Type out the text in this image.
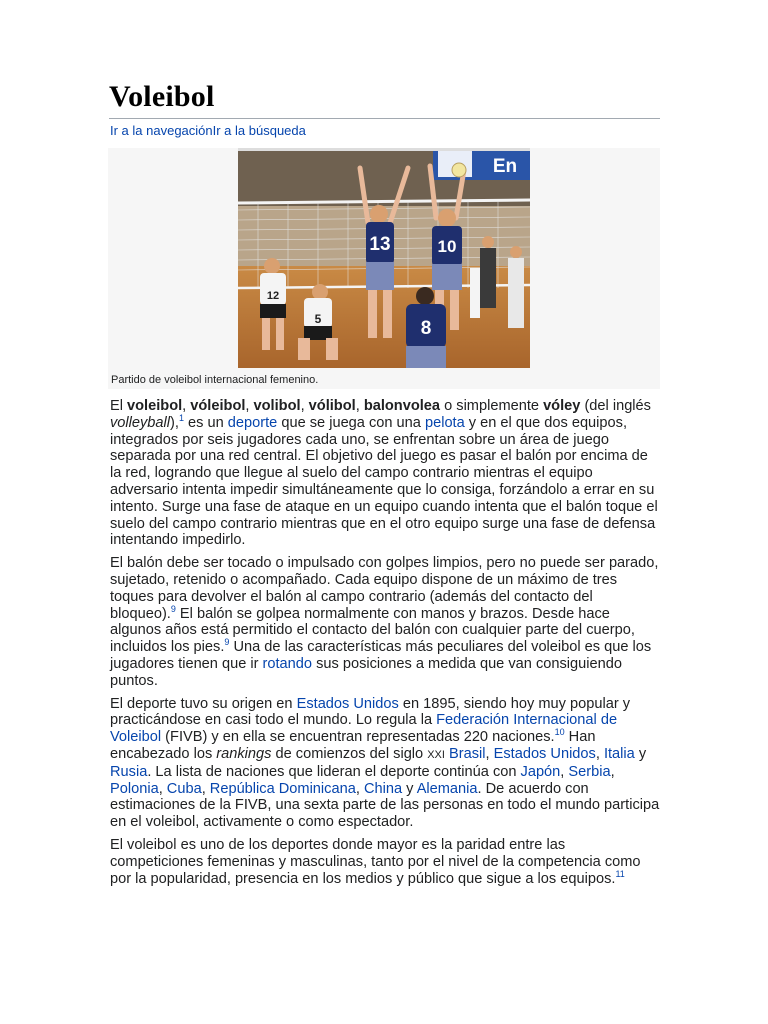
Voleibol
Ir a la navegaciónIr a la búsqueda
En
13	10
12
5	8
Partido de voleibol internacional femenino.

El voleibol, vóleibol, volibol, vólibol, balonvolea o simplemente vóley (del inglés volleyball),$^1$ es un deporte que se juega con una pelota y en el que dos equipos, integrados por seis jugadores cada uno, se enfrentan sobre un área de juego separada por una red central. El objetivo del juego es pasar el balón por encima de la red, logrando que llegue al suelo del campo contrario mientras el equipo adversario intenta impedir simultáneamente que lo consiga, forzándolo a errar en su intento. Surge una fase de ataque en un equipo cuando intenta que el balón toque el suelo del campo contrario mientras que en el otro equipo surge una fase de defensa intentando impedirlo.

El balón debe ser tocado o impulsado con golpes limpios, pero no puede ser parado, sujetado, retenido o acompañado. Cada equipo dispone de un máximo de tres toques para devolver el balón al campo contrario (además del contacto del bloqueo).$^9$ El balón se golpea normalmente con manos y brazos. Desde hace algunos años está permitido el contacto del balón con cualquier parte del cuerpo, incluidos los pies.$^9$ Una de las características más peculiares del voleibol es que los jugadores tienen que ir rotando sus posiciones a medida que van consiguiendo puntos.

El deporte tuvo su origen en Estados Unidos en 1895, siendo hoy muy popular y practicándose en casi todo el mundo. Lo regula la Federación Internacional de Voleibol (FIVB) y en ella se encuentran representadas 220 naciones.$^{10}$ Han encabezado los rankings de comienzos del siglo XXI Brasil, Estados Unidos, Italia y Rusia. La lista de naciones que lideran el deporte continúa con Japón, Serbia, Polonia, Cuba, República Dominicana, China y Alemania. De acuerdo con estimaciones de la FIVB, una sexta parte de las personas en todo el mundo participa en el voleibol, activamente o como espectador.

El voleibol es uno de los deportes donde mayor es la paridad entre las competiciones femeninas y masculinas, tanto por el nivel de la competencia como por la popularidad, presencia en los medios y público que sigue a los equipos.$^{11}$
